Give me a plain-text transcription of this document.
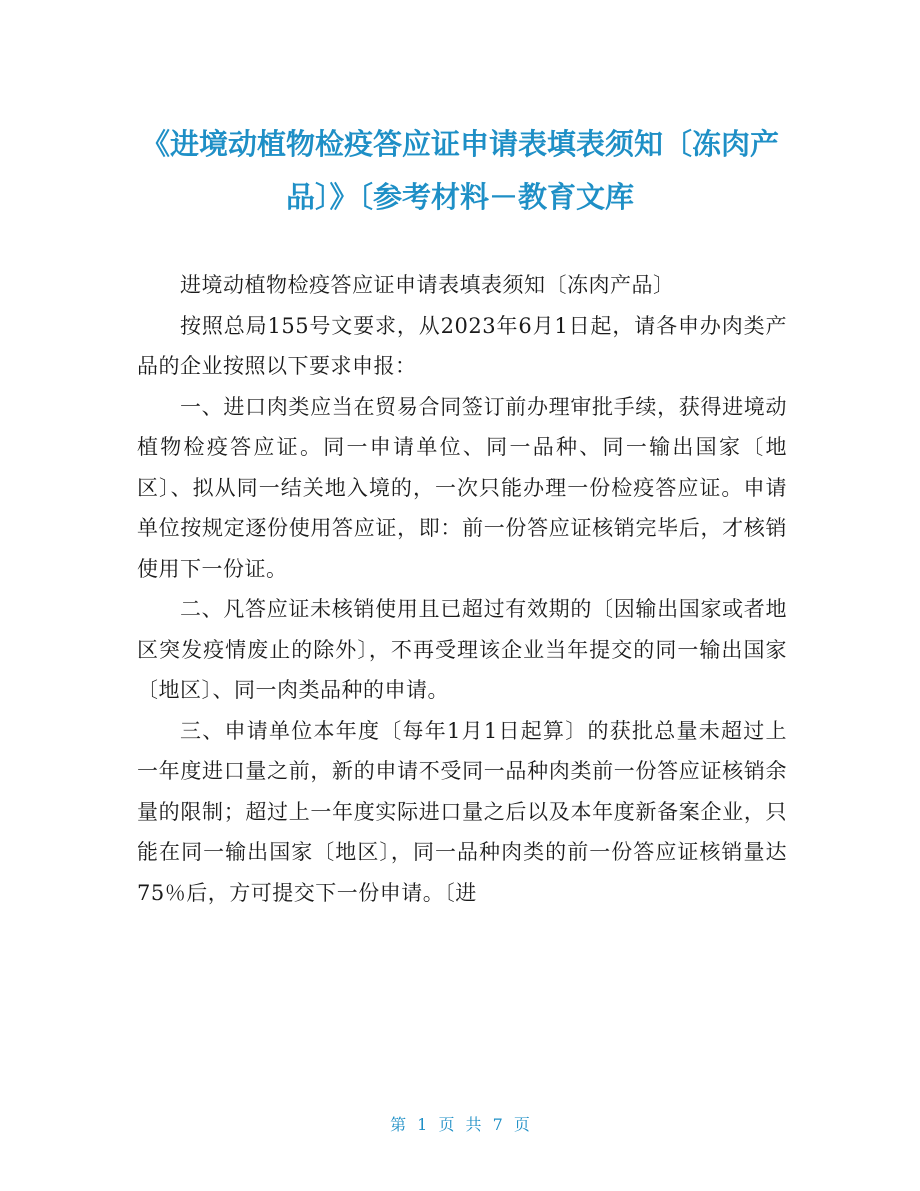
《进境动植物检疫答应证申请表填表须知〔冻肉产品〕》〔参考材料－教育文库

进境动植物检疫答应证申请表填表须知〔冻肉产品〕

按照总局155号文要求，从2023年6月1日起，请各申办肉类产品的企业按照以下要求申报：

一、进口肉类应当在贸易合同签订前办理审批手续，获得进境动植物检疫答应证。同一申请单位、同一品种、同一输出国家〔地区〕、拟从同一结关地入境的，一次只能办理一份检疫答应证。申请单位按规定逐份使用答应证，即：前一份答应证核销完毕后，才核销使用下一份证。

二、凡答应证未核销使用且已超过有效期的〔因输出国家或者地区突发疫情废止的除外〕，不再受理该企业当年提交的同一输出国家〔地区〕、同一肉类品种的申请。

三、申请单位本年度〔每年1月1日起算〕的获批总量未超过上一年度进口量之前，新的申请不受同一品种肉类前一份答应证核销余量的限制；超过上一年度实际进口量之后以及本年度新备案企业，只能在同一输出国家〔地区〕，同一品种肉类的前一份答应证核销量达75％后，方可提交下一份申请。〔进

第 1 页 共 7 页
